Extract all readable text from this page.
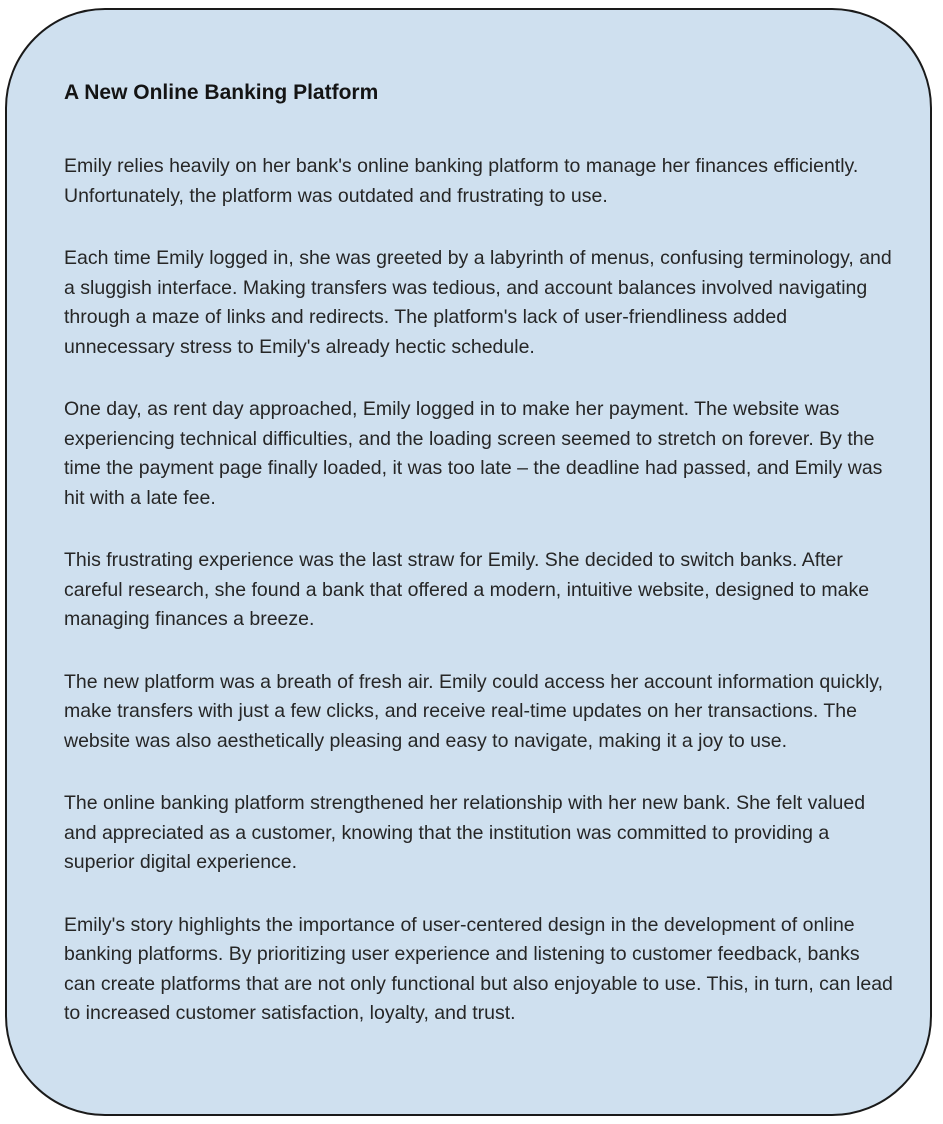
A New Online Banking Platform

Emily relies heavily on her bank's online banking platform to manage her finances efficiently. Unfortunately, the platform was outdated and frustrating to use.

Each time Emily logged in, she was greeted by a labyrinth of menus, confusing terminology, and a sluggish interface. Making transfers was tedious, and account balances involved navigating through a maze of links and redirects. The platform's lack of user-friendliness added unnecessary stress to Emily's already hectic schedule.

One day, as rent day approached, Emily logged in to make her payment. The website was experiencing technical difficulties, and the loading screen seemed to stretch on forever. By the time the payment page finally loaded, it was too late – the deadline had passed, and Emily was hit with a late fee.

This frustrating experience was the last straw for Emily. She decided to switch banks. After careful research, she found a bank that offered a modern, intuitive website, designed to make managing finances a breeze.

The new platform was a breath of fresh air. Emily could access her account information quickly, make transfers with just a few clicks, and receive real-time updates on her transactions. The website was also aesthetically pleasing and easy to navigate, making it a joy to use.

The online banking platform strengthened her relationship with her new bank. She felt valued and appreciated as a customer, knowing that the institution was committed to providing a superior digital experience.

Emily's story highlights the importance of user-centered design in the development of online banking platforms. By prioritizing user experience and listening to customer feedback, banks can create platforms that are not only functional but also enjoyable to use. This, in turn, can lead to increased customer satisfaction, loyalty, and trust.
